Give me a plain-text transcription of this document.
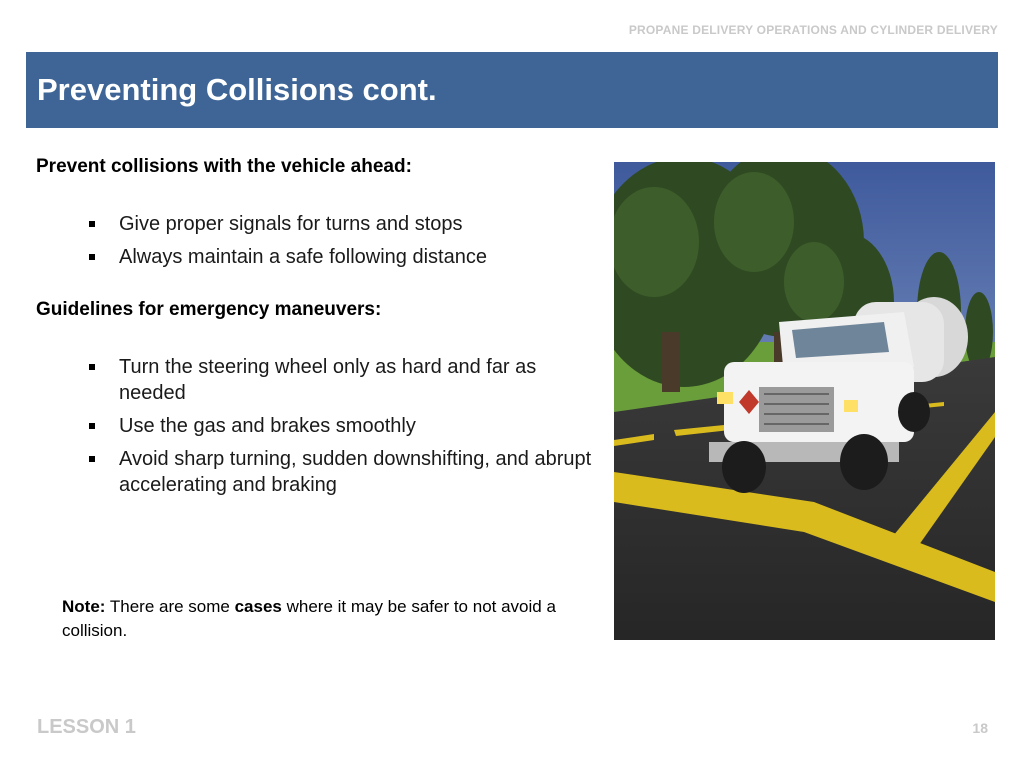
PROPANE DELIVERY OPERATIONS AND CYLINDER DELIVERY
Preventing Collisions cont.

Prevent collisions with the vehicle ahead:

Give proper signals for turns and stops
Always maintain a safe following distance

Guidelines for emergency maneuvers:

Turn the steering wheel only as hard and far as needed
Use the gas and brakes smoothly
Avoid sharp turning, sudden downshifting, and abrupt accelerating and braking
Note: There are some cases where it may be safer to not avoid a collision.
LESSON 1	18
